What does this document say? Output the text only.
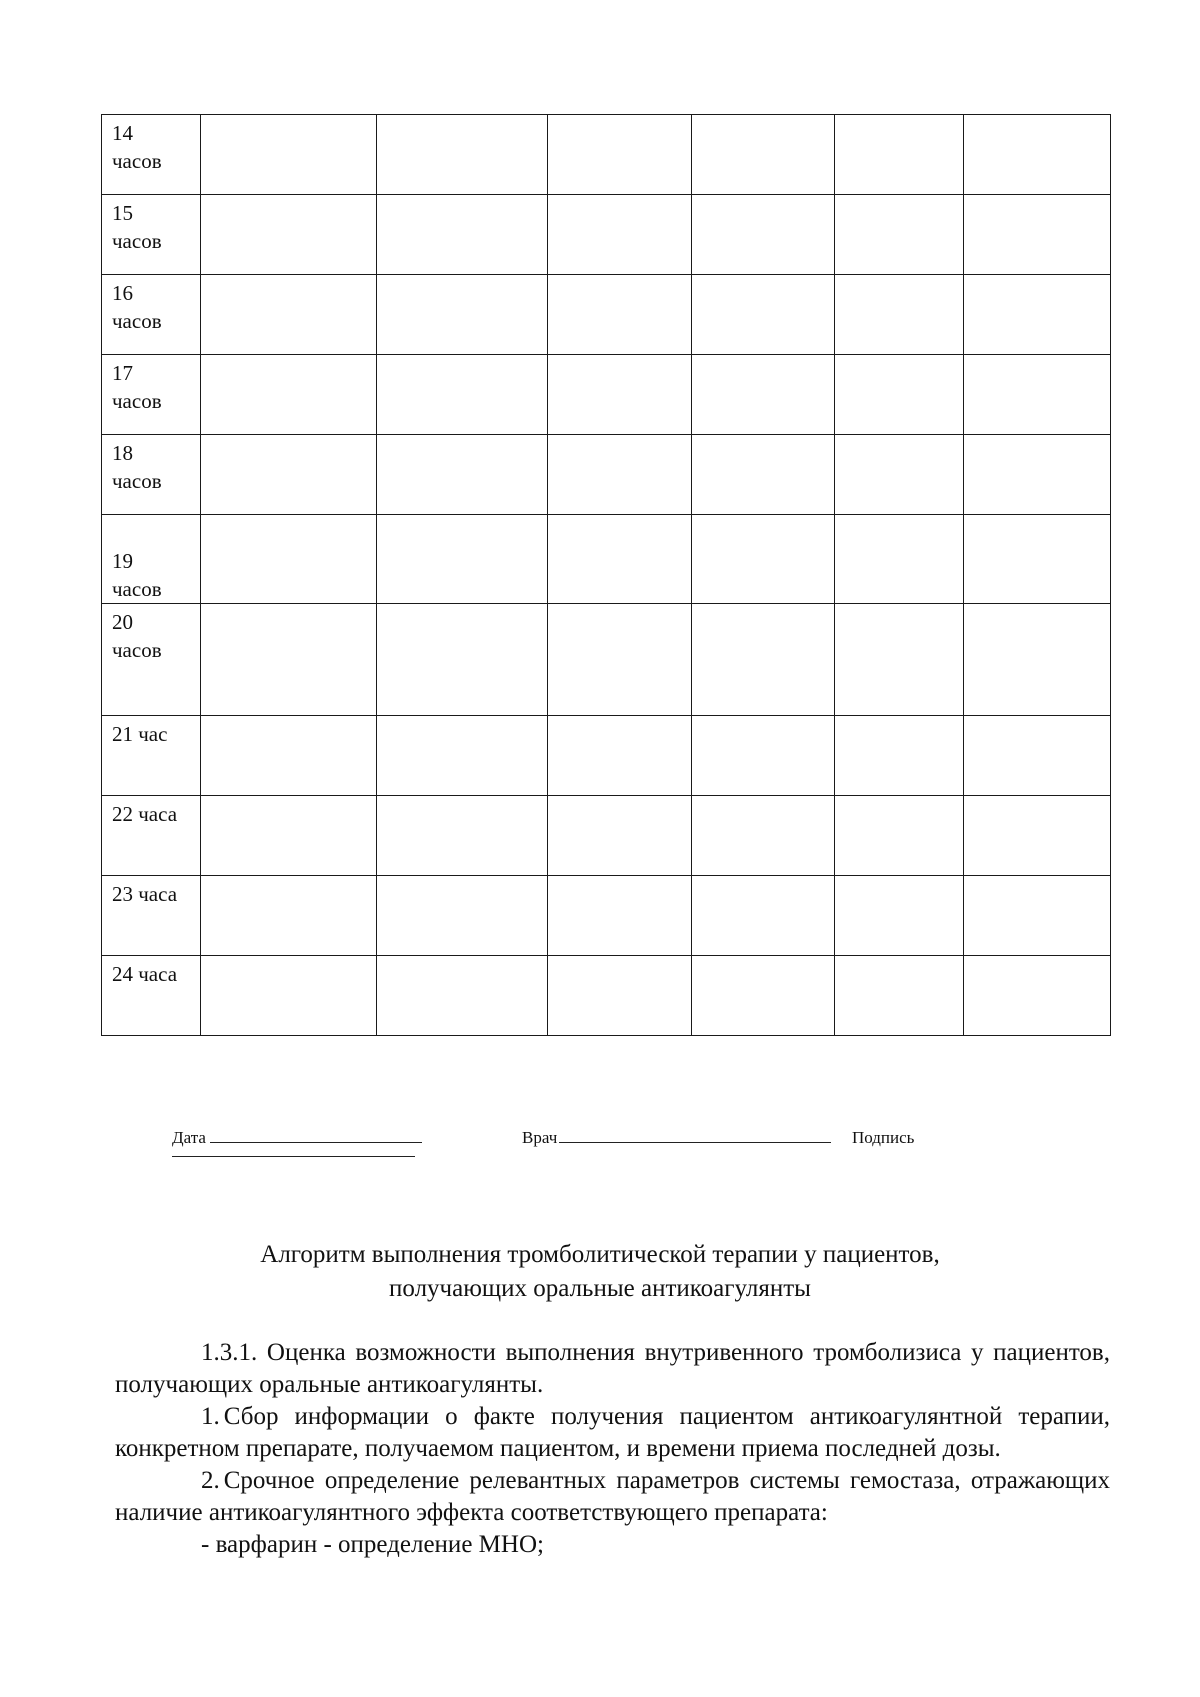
14
часов						

15
часов						

16
часов						

17
часов						

18
часов						

19
часов						

20
часов						

21 час						

22 часа						

23 часа						

24 часа						

Дата	Врач	Подпись
Алгоритм выполнения тромболитической терапии у пациентов,
получающих оральные антикоагулянты

1.3.1. Оценка возможности выполнения внутривенного тромболизиса у пациентов, получающих оральные антикоагулянты.

1. Сбор информации о факте получения пациентом антикоагулянтной терапии, конкретном препарате, получаемом пациентом, и времени приема последней дозы.

2. Срочное определение релевантных параметров системы гемостаза, отражающих наличие антикоагулянтного эффекта соответствующего препарата:

- варфарин - определение МНО;
